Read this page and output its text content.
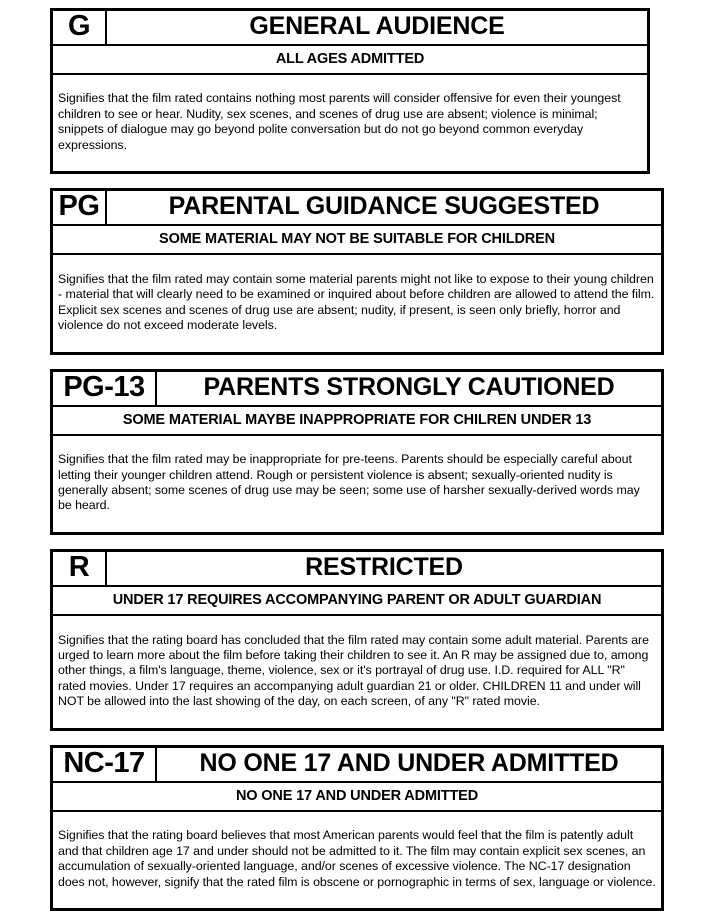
G	GENERAL AUDIENCE
ALL AGES ADMITTED

Signifies that the film rated contains nothing most parents will consider offensive for even their youngest children to see or hear. Nudity, sex scenes, and scenes of drug use are absent; violence is minimal; snippets of dialogue may go beyond polite conversation but do not go beyond common everyday expressions.

PG	PARENTAL GUIDANCE SUGGESTED
SOME MATERIAL MAY NOT BE SUITABLE FOR CHILDREN

Signifies that the film rated may contain some material parents might not like to expose to their young children - material that will clearly need to be examined or inquired about before children are allowed to attend the film. Explicit sex scenes and scenes of drug use are absent; nudity, if present, is seen only briefly, horror and violence do not exceed moderate levels.

PG-13 PARENTS STRONGLY CAUTIONED
SOME MATERIAL MAYBE INAPPROPRIATE FOR CHILREN UNDER 13

Signifies that the film rated may be inappropriate for pre-teens. Parents should be especially careful about letting their younger children attend. Rough or persistent violence is absent; sexually-oriented nudity is generally absent; some scenes of drug use may be seen; some use of harsher sexually-derived words may be heard.

R	RESTRICTED
UNDER 17 REQUIRES ACCOMPANYING PARENT OR ADULT GUARDIAN

Signifies that the rating board has concluded that the film rated may contain some adult material. Parents are urged to learn more about the film before taking their children to see it. An R may be assigned due to, among other things, a film's language, theme, violence, sex or it's portrayal of drug use. I.D. required for ALL "R" rated movies. Under 17 requires an accompanying adult guardian 21 or older. CHILDREN 11 and under will NOT be allowed into the last showing of the day, on each screen, of any "R" rated movie.

NC-17 NO ONE 17 AND UNDER ADMITTED
NO ONE 17 AND UNDER ADMITTED

Signifies that the rating board believes that most American parents would feel that the film is patently adult and that children age 17 and under should not be admitted to it. The film may contain explicit sex scenes, an accumulation of sexually-oriented language, and/or scenes of excessive violence. The NC-17 designation does not, however, signify that the rated film is obscene or pornographic in terms of sex, language or violence.
